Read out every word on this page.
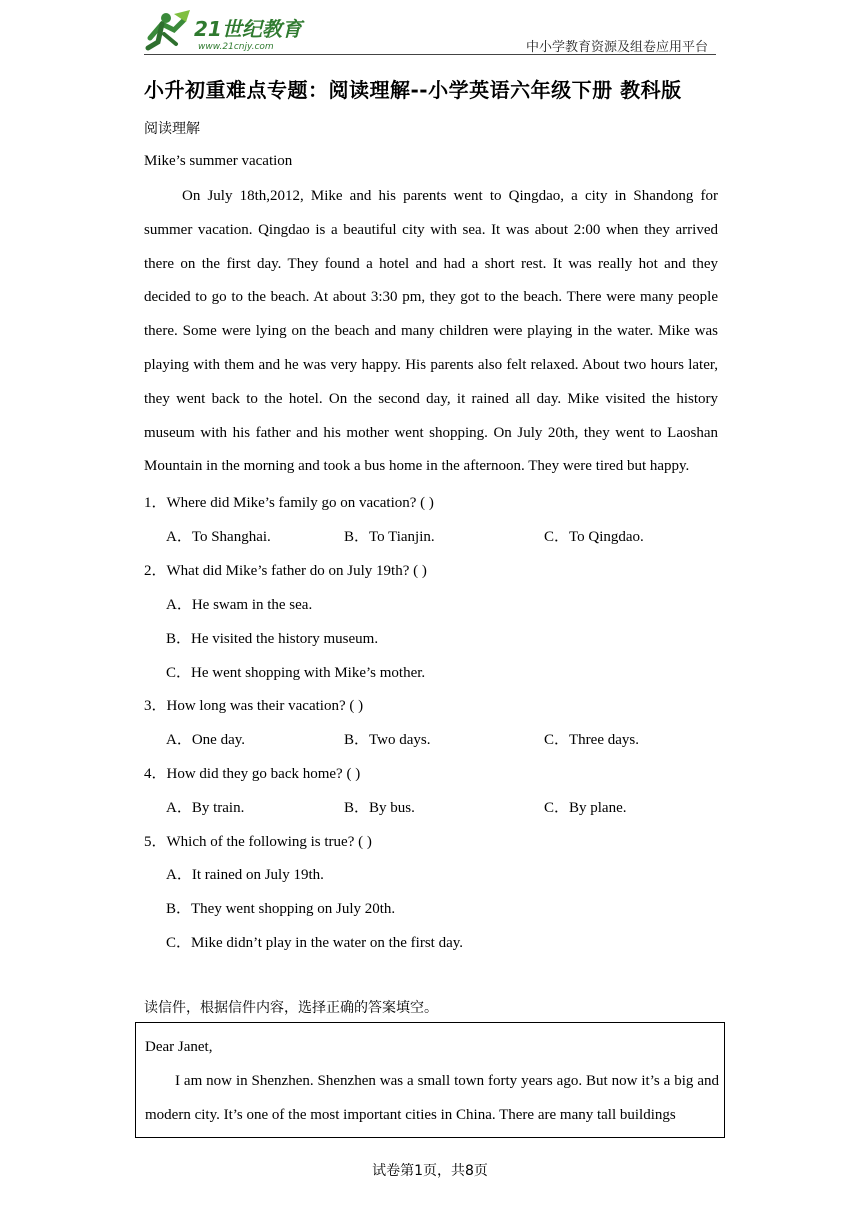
21世纪教育
www.21cnjy.com	中小学教育资源及组卷应用平台
小升初重难点专题：阅读理解--小学英语六年级下册 教科版
阅读理解
Mike’s summer vacation

On July 18th,2012, Mike and his parents went to Qingdao, a city in Shandong for summer vacation. Qingdao is a beautiful city with sea. It was about 2:00 when they arrived there on the first day. They found a hotel and had a short rest. It was really hot and they decided to go to the beach. At about 3:30 pm, they got to the beach. There were many people there. Some were lying on the beach and many children were playing in the water. Mike was playing with them and he was very happy. His parents also felt relaxed. About two hours later, they went back to the hotel. On the second day, it rained all day. Mike visited the history museum with his father and his mother went shopping. On July 20th, they went to Laoshan Mountain in the morning and took a bus home in the afternoon. They were tired but happy.

1．Where did Mike’s family go on vacation? ( )
A．To Shanghai.	B．To Tianjin.	C．To Qingdao.
2．What did Mike’s father do on July 19th? ( )
A．He swam in the sea.
B．He visited the history museum.
C．He went shopping with Mike’s mother.
3．How long was their vacation? ( )
A．One day.	B．Two days.	C．Three days.
4．How did they go back home? ( )
A．By train.	B．By bus.	C．By plane.
5．Which of the following is true? ( )
A．It rained on July 19th.
B．They went shopping on July 20th.
C．Mike didn’t play in the water on the first day.
读信件，根据信件内容，选择正确的答案填空。
Dear Janet,

I am now in Shenzhen. Shenzhen was a small town forty years ago. But now it’s a big and modern city. It’s one of the most important cities in China. There are many tall buildings

试卷第1页，共8页
